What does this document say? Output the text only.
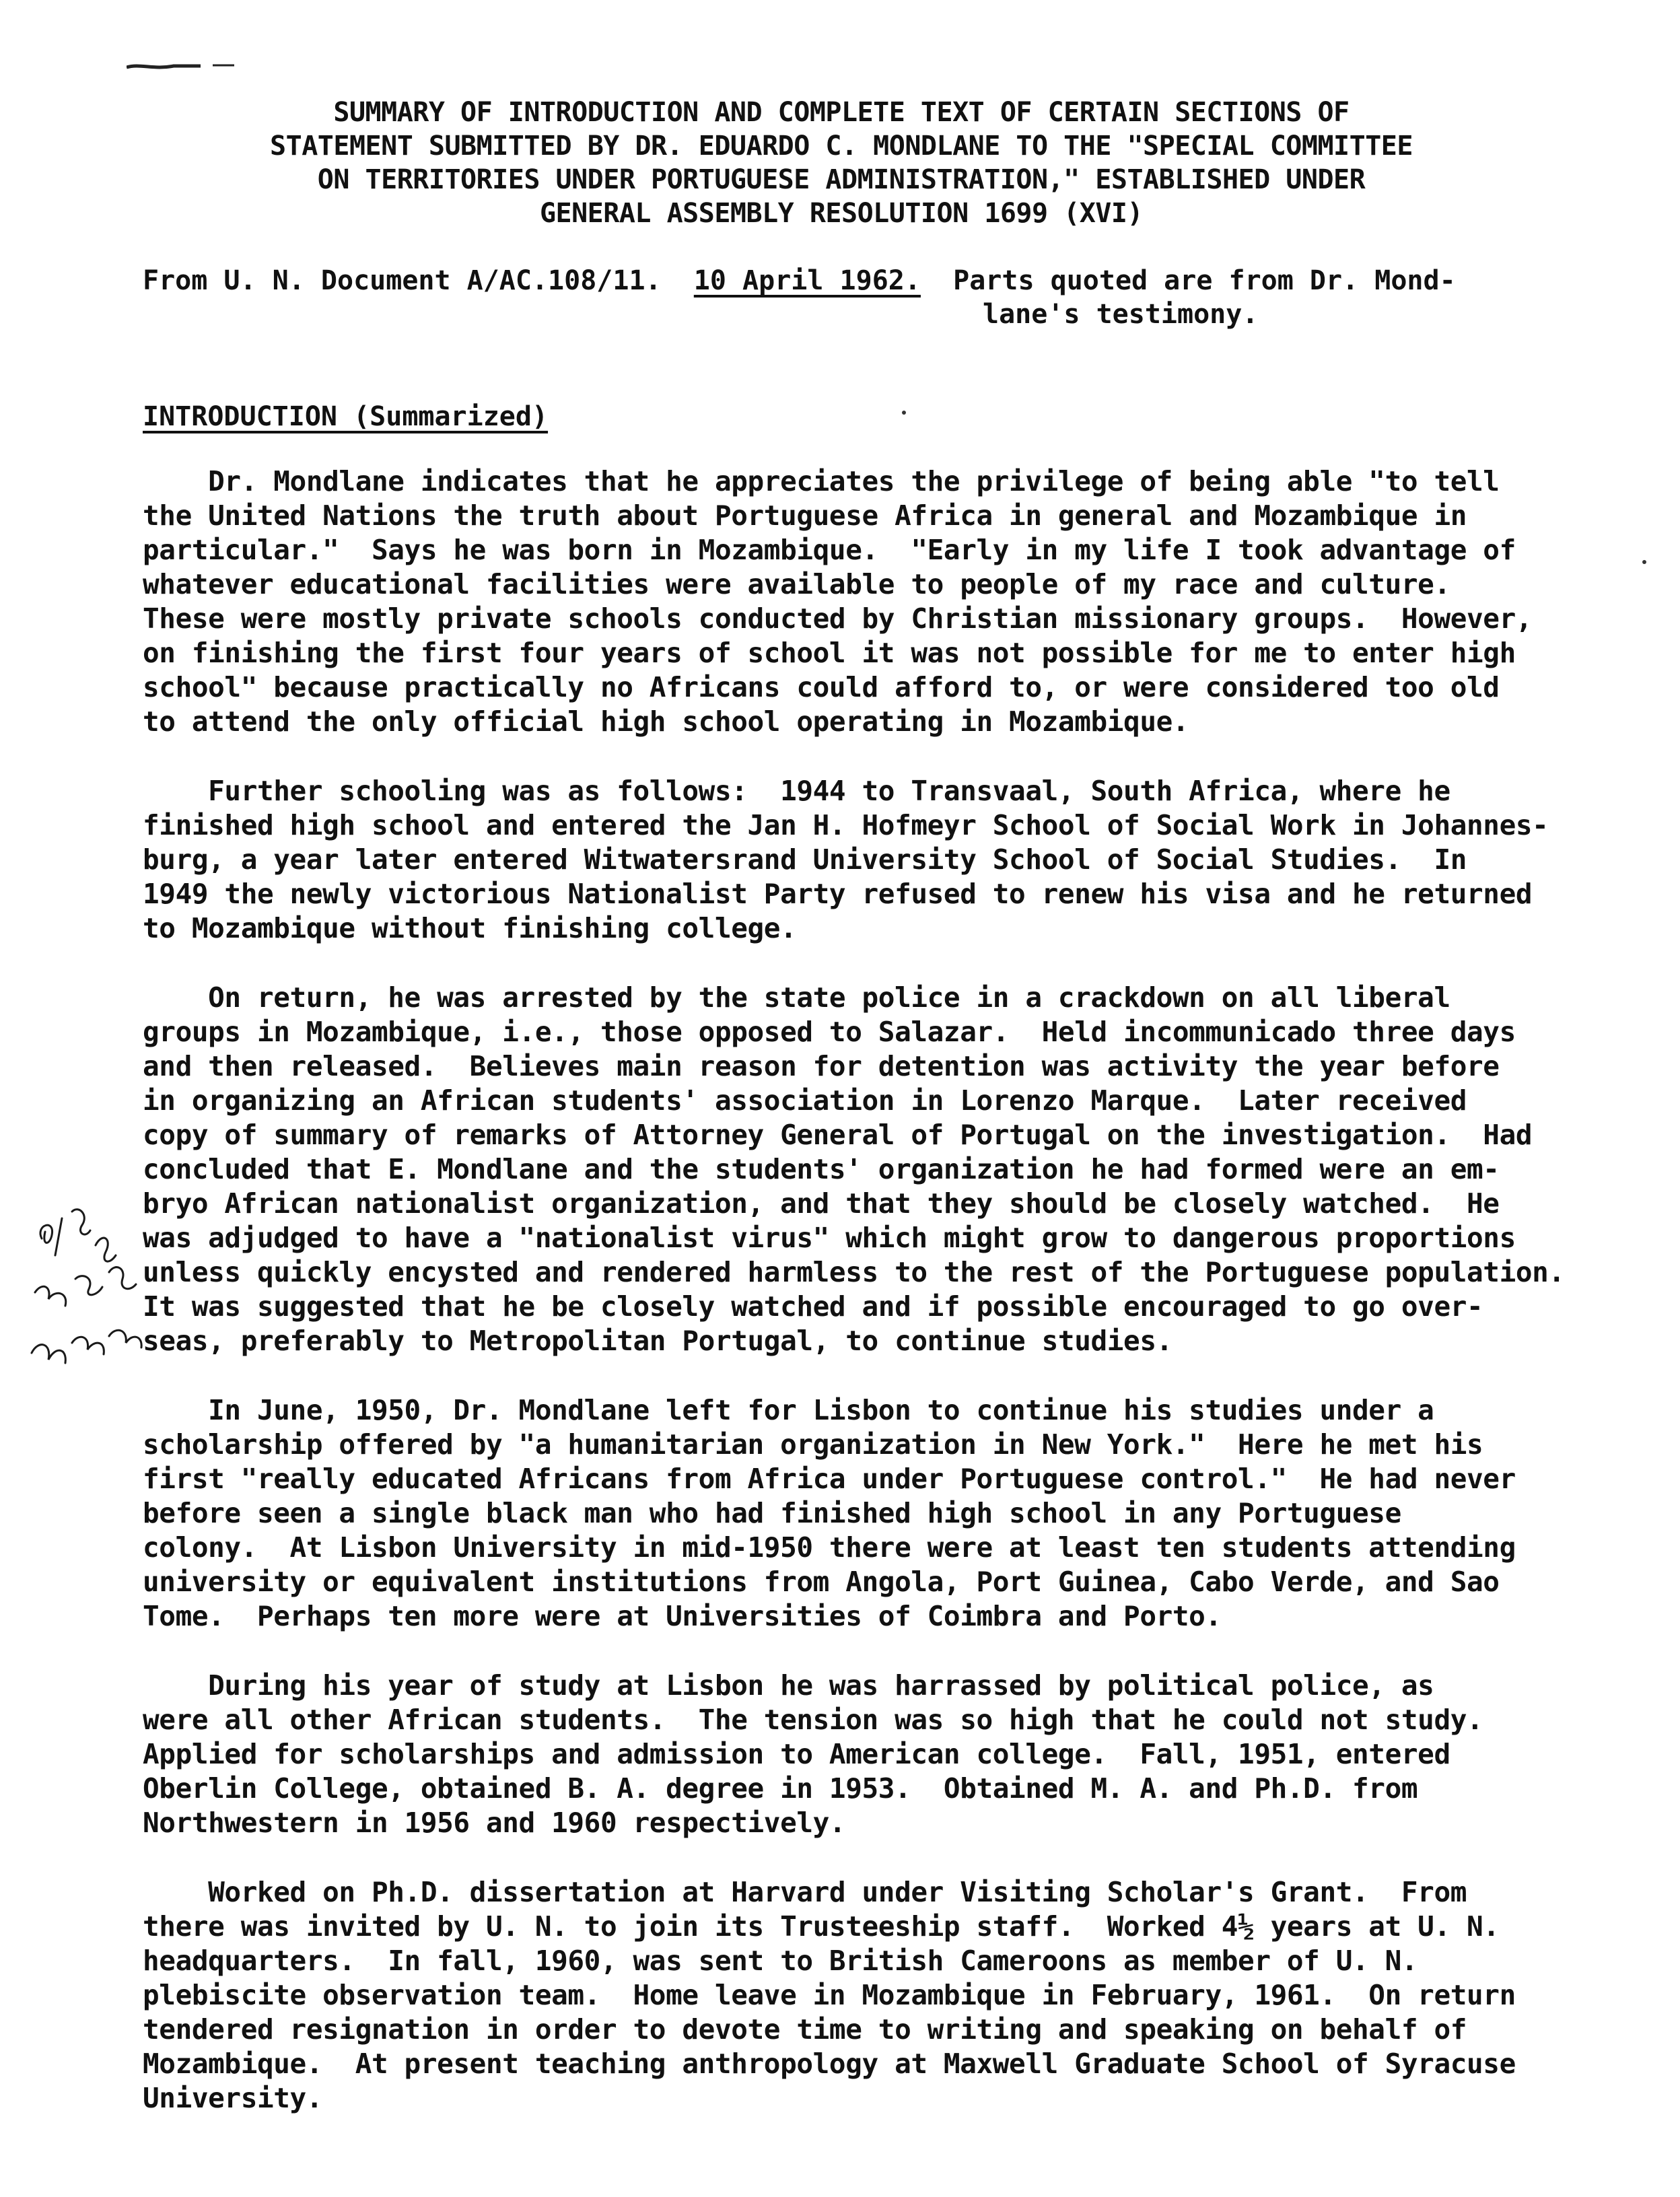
SUMMARY OF INTRODUCTION AND COMPLETE TEXT OF CERTAIN SECTIONS OF
STATEMENT SUBMITTED BY DR. EDUARDO C. MONDLANE TO THE "SPECIAL COMMITTEE
ON TERRITORIES UNDER PORTUGUESE ADMINISTRATION," ESTABLISHED UNDER
GENERAL ASSEMBLY RESOLUTION 1699 (XVI)
From U. N. Document A/AC.108/11.  10 April 1962.  Parts quoted are from Dr. Mond-
lane's testimony.
INTRODUCTION (Summarized)
Dr. Mondlane indicates that he appreciates the privilege of being able "to tell
the United Nations the truth about Portuguese Africa in general and Mozambique in
particular."  Says he was born in Mozambique.  "Early in my life I took advantage of
whatever educational facilities were available to people of my race and culture.
These were mostly private schools conducted by Christian missionary groups.  However,
on finishing the first four years of school it was not possible for me to enter high
school" because practically no Africans could afford to, or were considered too old
to attend the only official high school operating in Mozambique.
Further schooling was as follows:  1944 to Transvaal, South Africa, where he
finished high school and entered the Jan H. Hofmeyr School of Social Work in Johannes-
burg, a year later entered Witwatersrand University School of Social Studies.  In
1949 the newly victorious Nationalist Party refused to renew his visa and he returned
to Mozambique without finishing college.
On return, he was arrested by the state police in a crackdown on all liberal
groups in Mozambique, i.e., those opposed to Salazar.  Held incommunicado three days
and then released.  Believes main reason for detention was activity the year before
in organizing an African students' association in Lorenzo Marque.  Later received
copy of summary of remarks of Attorney General of Portugal on the investigation.  Had
concluded that E. Mondlane and the students' organization he had formed were an em-
bryo African nationalist organization, and that they should be closely watched.  He
was adjudged to have a "nationalist virus" which might grow to dangerous proportions
unless quickly encysted and rendered harmless to the rest of the Portuguese population.
It was suggested that he be closely watched and if possible encouraged to go over-
seas, preferably to Metropolitan Portugal, to continue studies.
In June, 1950, Dr. Mondlane left for Lisbon to continue his studies under a
scholarship offered by "a humanitarian organization in New York."  Here he met his
first "really educated Africans from Africa under Portuguese control."  He had never
before seen a single black man who had finished high school in any Portuguese
colony.  At Lisbon University in mid-1950 there were at least ten students attending
university or equivalent institutions from Angola, Port Guinea, Cabo Verde, and Sao
Tome.  Perhaps ten more were at Universities of Coimbra and Porto.
During his year of study at Lisbon he was harrassed by political police, as
were all other African students.  The tension was so high that he could not study.
Applied for scholarships and admission to American college.  Fall, 1951, entered
Oberlin College, obtained B. A. degree in 1953.  Obtained M. A. and Ph.D. from
Northwestern in 1956 and 1960 respectively.
Worked on Ph.D. dissertation at Harvard under Visiting Scholar's Grant.  From
there was invited by U. N. to join its Trusteeship staff.  Worked 4½ years at U. N.
headquarters.  In fall, 1960, was sent to British Cameroons as member of U. N.
plebiscite observation team.  Home leave in Mozambique in February, 1961.  On return
tendered resignation in order to devote time to writing and speaking on behalf of
Mozambique.  At present teaching anthropology at Maxwell Graduate School of Syracuse
University.
